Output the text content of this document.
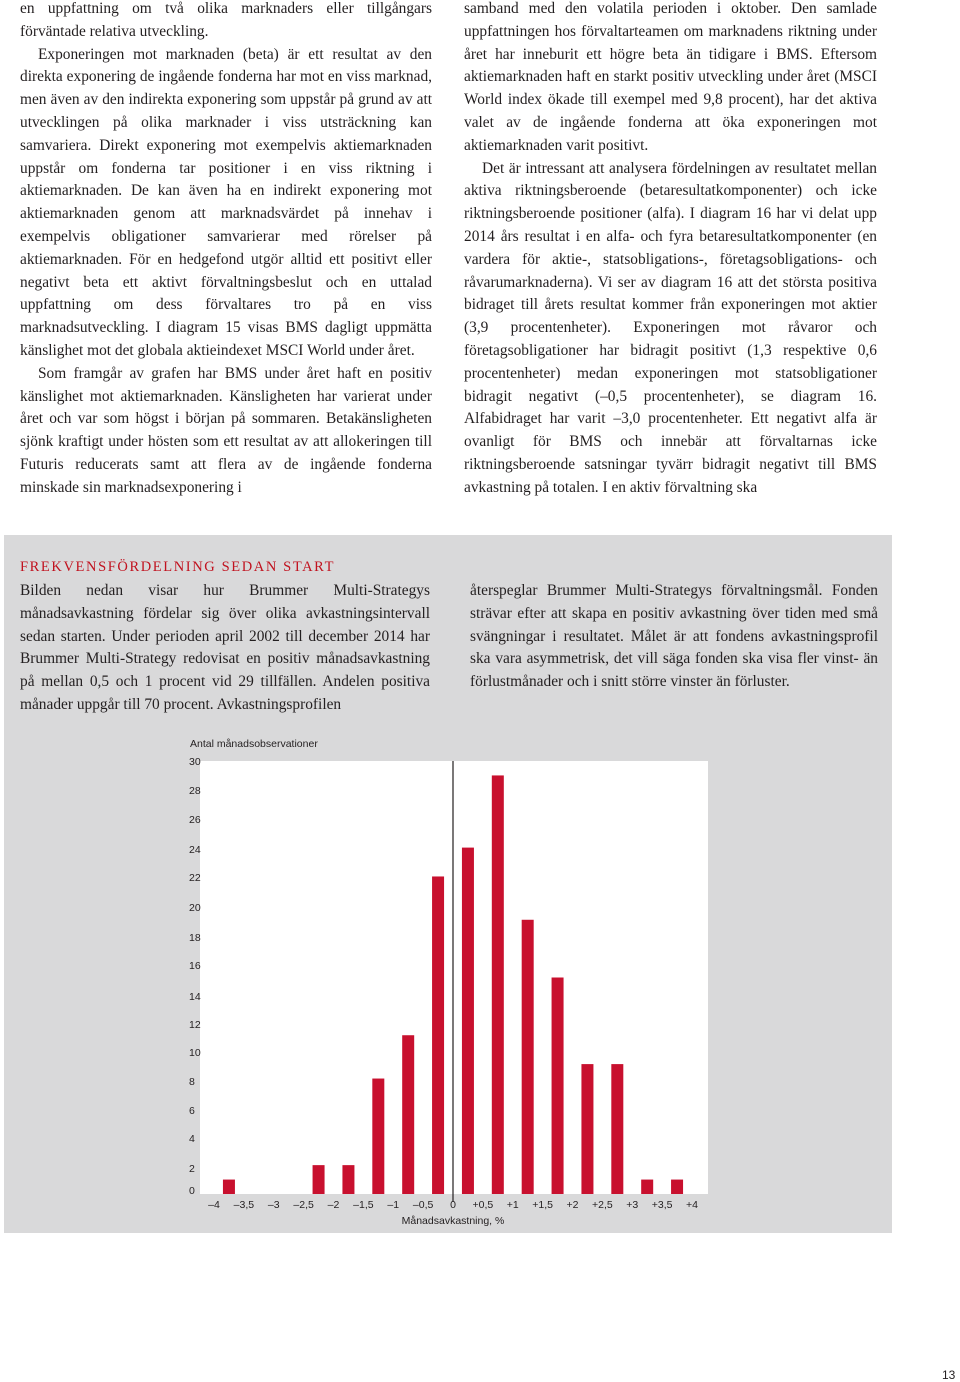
en uppfattning om två olika marknaders eller tillgångars förväntade relativa utveckling.

Exponeringen mot marknaden (beta) är ett resultat av den direkta exponering de ingående fonderna har mot en viss marknad, men även av den indirekta exponering som uppstår på grund av att utvecklingen på olika marknader i viss utsträckning kan samvariera. Direkt exponering mot exempelvis aktiemarknaden uppstår om fonderna tar positioner i en viss riktning i aktiemarknaden. De kan även ha en indirekt exponering mot aktiemarknaden genom att marknadsvärdet på innehav i exempelvis obligationer samvarierar med rörelser på aktiemarknaden. För en hedgefond utgör alltid ett positivt eller negativt beta ett aktivt förvaltningsbeslut och en uttalad uppfattning om dess förvaltares tro på en viss marknadsutveckling. I diagram 15 visas BMS dagligt uppmätta känslighet mot det globala aktieindexet MSCI World under året.

Som framgår av grafen har BMS under året haft en positiv känslighet mot aktiemarknaden. Känsligheten har varierat under året och var som högst i början på sommaren. Betakänsligheten sjönk kraftigt under hösten som ett resultat av att allokeringen till Futuris reducerats samt att flera av de ingående fonderna minskade sin marknadsexponering i

samband med den volatila perioden i oktober. Den samlade uppfattningen hos förvaltarteamen om marknadens riktning under året har inneburit ett högre beta än tidigare i BMS. Eftersom aktiemarknaden haft en starkt positiv utveckling under året (MSCI World index ökade till exempel med 9,8 procent), har det aktiva valet av de ingående fonderna att öka exponeringen mot aktiemarknaden varit positivt.

Det är intressant att analysera fördelningen av resultatet mellan aktiva riktningsberoende (betaresultatkomponenter) och icke riktningsberoende positioner (alfa). I diagram 16 har vi delat upp 2014 års resultat i en alfa- och fyra betaresultatkomponenter (en vardera för aktie-, statsobligations-, företagsobligations- och råvarumarknaderna). Vi ser av diagram 16 att det största positiva bidraget till årets resultat kommer från exponeringen mot aktier (3,9 procentenheter). Exponeringen mot råvaror och företagsobligationer har bidragit positivt (1,3 respektive 0,6 procentenheter) medan exponeringen mot statsobligationer bidragit negativt (–0,5 procentenheter), se diagram 16. Alfabidraget har varit –3,0 procentenheter. Ett negativt alfa är ovanligt för BMS och innebär att förvaltarnas icke riktningsberoende satsningar tyvärr bidragit negativt till BMS avkastning på totalen. I en aktiv förvaltning ska

FREKVENSFÖRDELNING SEDAN START
Bilden nedan visar hur Brummer Multi-Strategys månadsavkastning fördelar sig över olika avkastningsintervall sedan starten. Under perioden april 2002 till december 2014 har Brummer Multi-Strategy redovisat en positiv månadsavkastning på mellan 0,5 och 1 procent vid 29 tillfällen. Andelen positiva månader uppgår till 70 procent. Avkastningsprofilen
återspeglar Brummer Multi-Strategys förvaltningsmål. Fonden strävar efter att skapa en positiv avkastning över tiden med små svängningar i resultatet. Målet är att fondens avkastningsprofil ska vara asymmetrisk, det vill säga fonden ska visa fler vinst- än förlustmånader och i snitt större vinster än förluster.
0
2
4
6
8
10
12
14
16
18
20
22
24
26
28
30
–4 –3,5 –3 –2,5 –2 –1,5 –1 –0,5 0 +0,5 +1 +1,5 +2 +2,5 +3 +3,5 +4
Antal månadsobservationer
Månadsavkastning, %
13
